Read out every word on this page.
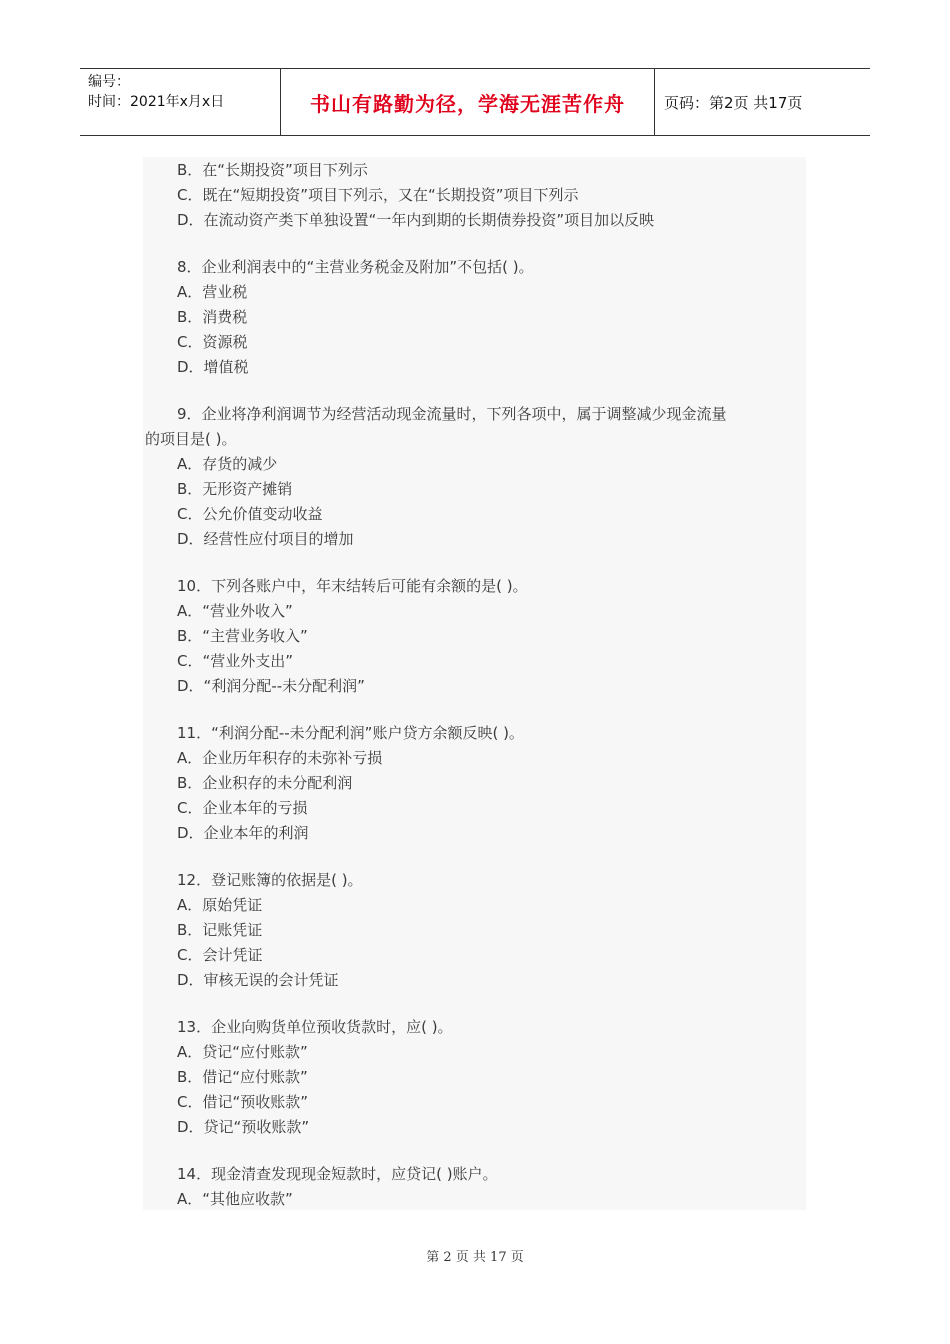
编号：
时间：2021年x月x日	书山有路勤为径，学海无涯苦作舟	页码：第2页 共17页
B．在“长期投资”项目下列示
C．既在“短期投资”项目下列示，又在“长期投资”项目下列示
D．在流动资产类下单独设置“一年内到期的长期债券投资”项目加以反映
8．企业利润表中的“主营业务税金及附加”不包括( )。
A．营业税
B．消费税
C．资源税
D．增值税
9．企业将净利润调节为经营活动现金流量时，下列各项中，属于调整减少现金流量
的项目是( )。
A．存货的减少
B．无形资产摊销
C．公允价值变动收益
D．经营性应付项目的增加
10．下列各账户中，年末结转后可能有余额的是( )。
A．“营业外收入”
B．“主营业务收入”
C．“营业外支出”
D．“利润分配--未分配利润”
11．“利润分配--未分配利润”账户贷方余额反映( )。
A．企业历年积存的未弥补亏损
B．企业积存的未分配利润
C．企业本年的亏损
D．企业本年的利润
12．登记账簿的依据是( )。
A．原始凭证
B．记账凭证
C．会计凭证
D．审核无误的会计凭证
13．企业向购货单位预收货款时，应( )。
A．贷记“应付账款”
B．借记“应付账款”
C．借记“预收账款”
D．贷记“预收账款”
14．现金清查发现现金短款时，应贷记( )账户。
A．“其他应收款”
第 2 页 共 17 页
